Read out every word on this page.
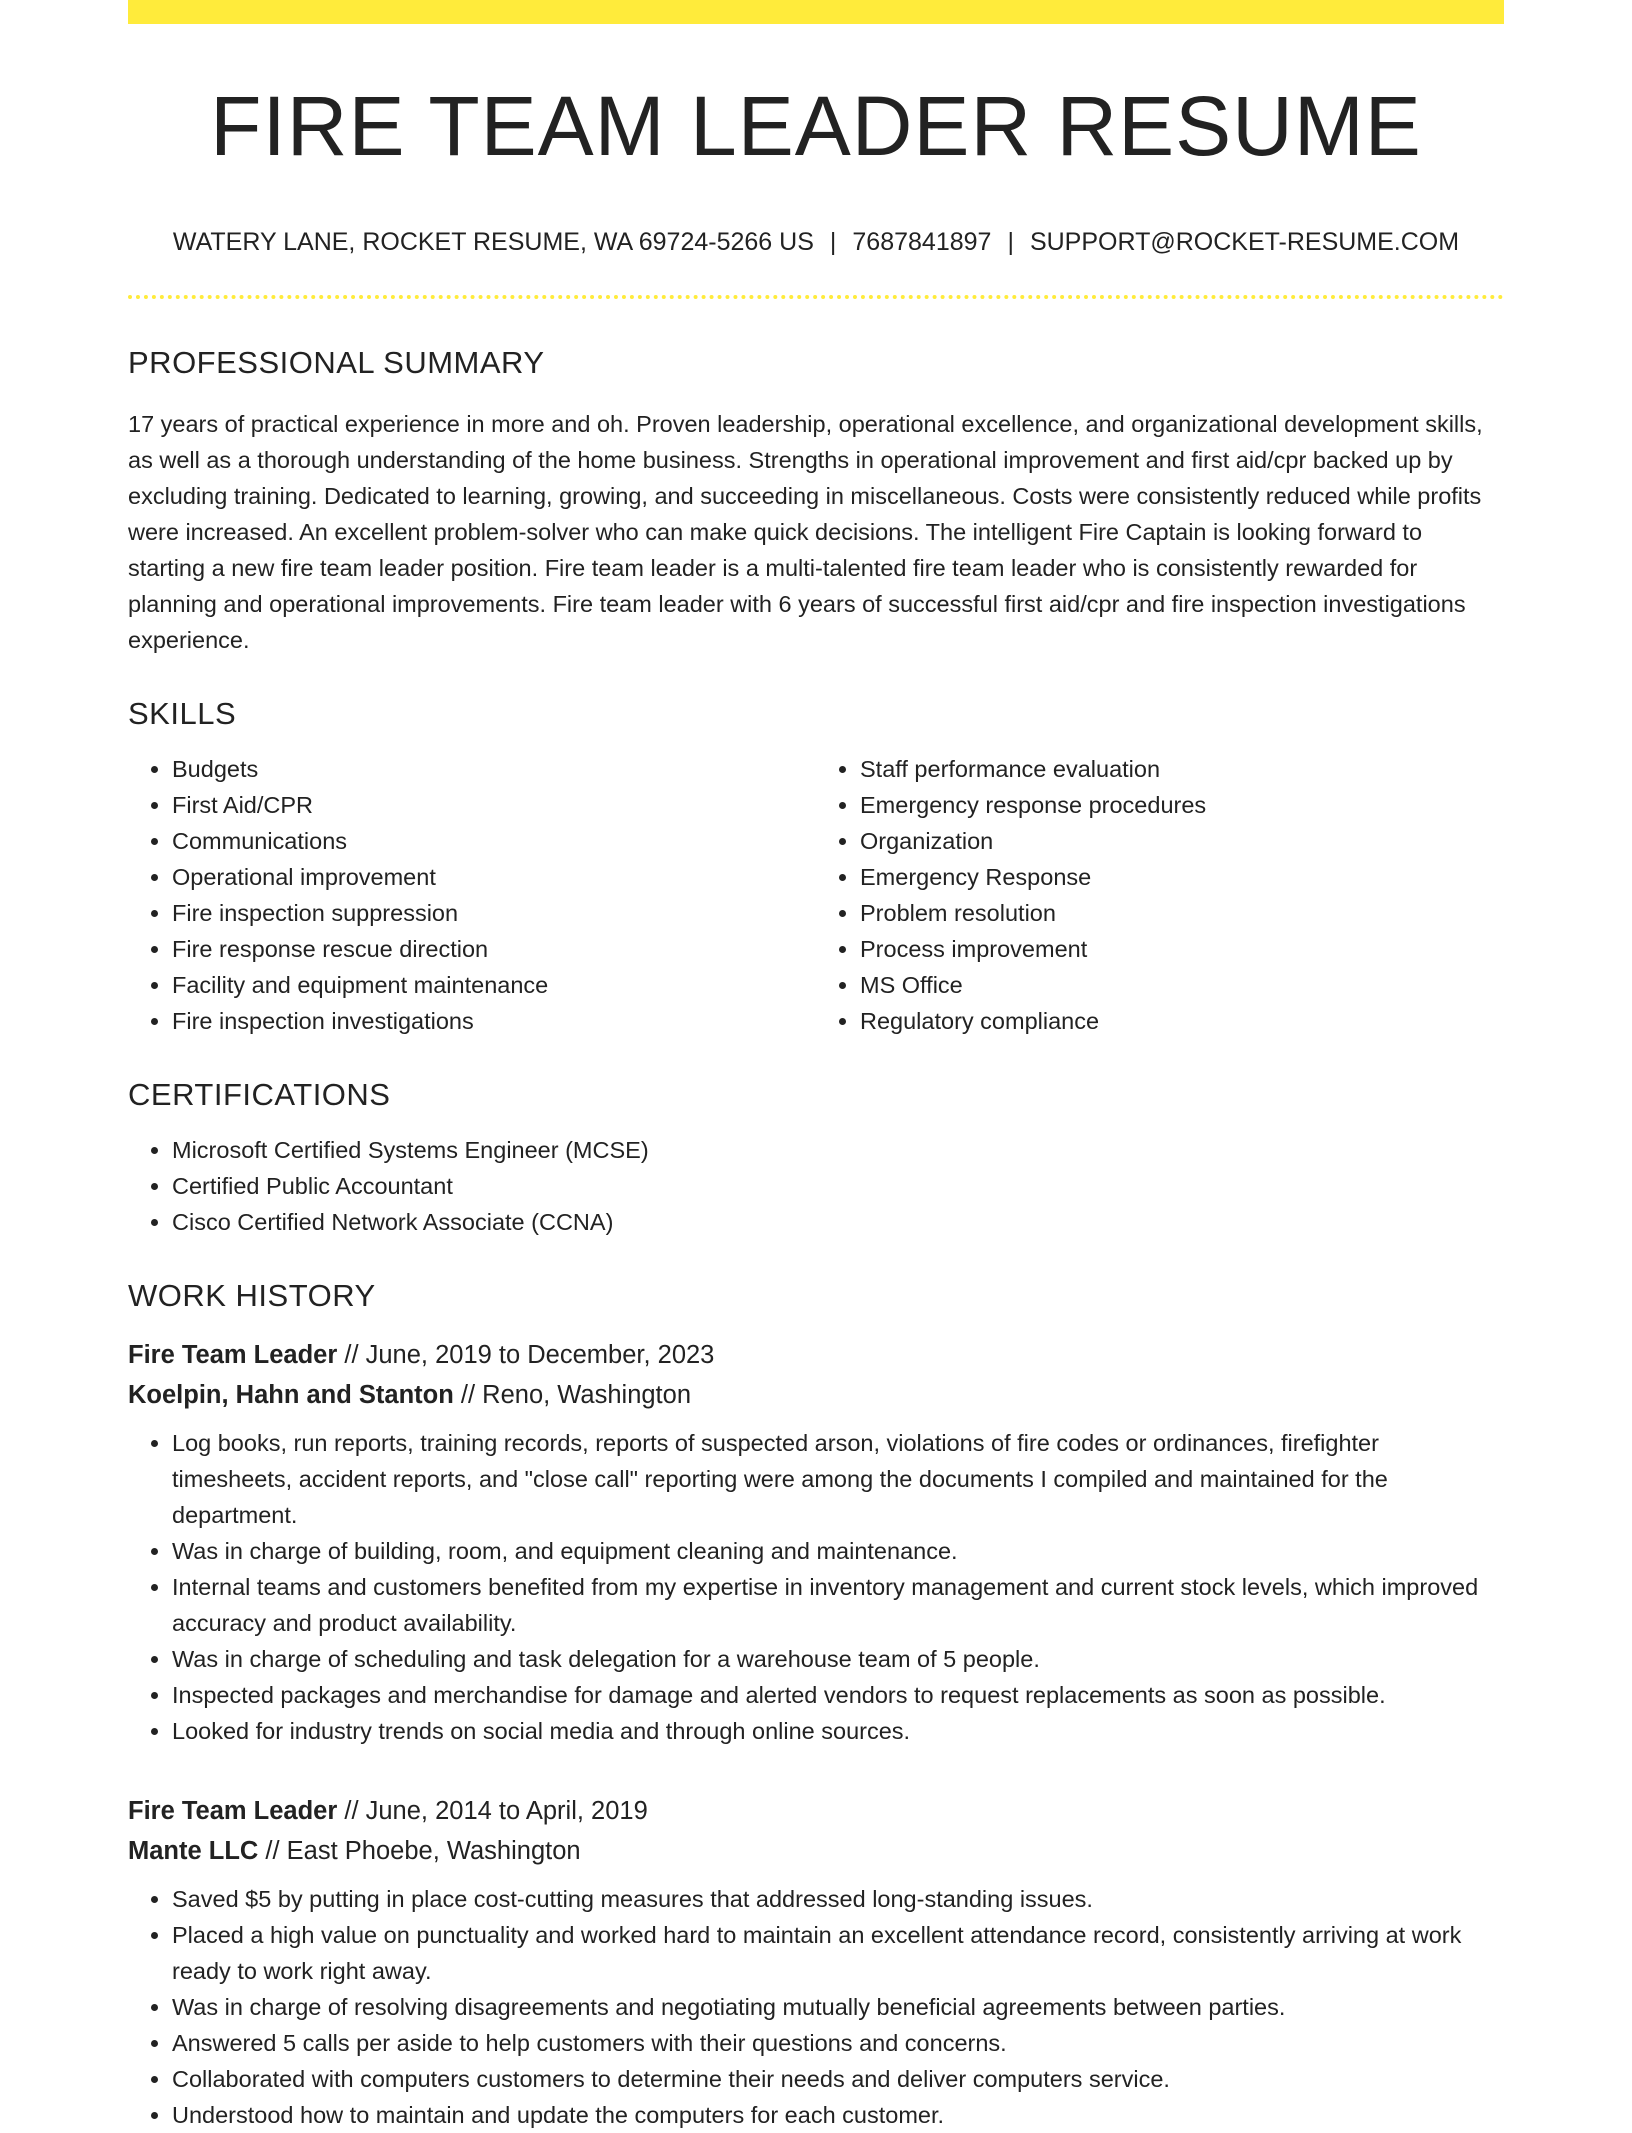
FIRE TEAM LEADER RESUME
WATERY LANE, ROCKET RESUME, WA 69724-5266 US | 7687841897 | SUPPORT@ROCKET-RESUME.COM
PROFESSIONAL SUMMARY

17 years of practical experience in more and oh. Proven leadership, operational excellence, and organizational development skills, as well as a thorough understanding of the home business. Strengths in operational improvement and first aid/cpr backed up by excluding training. Dedicated to learning, growing, and succeeding in miscellaneous. Costs were consistently reduced while profits were increased. An excellent problem-solver who can make quick decisions. The intelligent Fire Captain is looking forward to starting a new fire team leader position. Fire team leader is a multi-talented fire team leader who is consistently rewarded for planning and operational improvements. Fire team leader with 6 years of successful first aid/cpr and fire inspection investigations experience.

SKILLS
• Budgets
• First Aid/CPR
• Communications
• Operational improvement
• Fire inspection suppression
• Fire response rescue direction
• Facility and equipment maintenance
• Fire inspection investigations
• Staff performance evaluation
• Emergency response procedures
• Organization
• Emergency Response
• Problem resolution
• Process improvement
• MS Office
• Regulatory compliance
CERTIFICATIONS
• Microsoft Certified Systems Engineer (MCSE)
• Certified Public Accountant
• Cisco Certified Network Associate (CCNA)
WORK HISTORY
Fire Team Leader // June, 2019 to December, 2023
Koelpin, Hahn and Stanton // Reno, Washington
• Log books, run reports, training records, reports of suspected arson, violations of fire codes or ordinances, firefighter timesheets, accident reports, and "close call" reporting were among the documents I compiled and maintained for the department.
• Was in charge of building, room, and equipment cleaning and maintenance.
• Internal teams and customers benefited from my expertise in inventory management and current stock levels, which improved accuracy and product availability.
• Was in charge of scheduling and task delegation for a warehouse team of 5 people.
• Inspected packages and merchandise for damage and alerted vendors to request replacements as soon as possible.
• Looked for industry trends on social media and through online sources.
Fire Team Leader // June, 2014 to April, 2019
Mante LLC // East Phoebe, Washington
• Saved $5 by putting in place cost-cutting measures that addressed long-standing issues.
• Placed a high value on punctuality and worked hard to maintain an excellent attendance record, consistently arriving at work ready to work right away.
• Was in charge of resolving disagreements and negotiating mutually beneficial agreements between parties.
• Answered 5 calls per aside to help customers with their questions and concerns.
• Collaborated with computers customers to determine their needs and deliver computers service.
• Understood how to maintain and update the computers for each customer.
